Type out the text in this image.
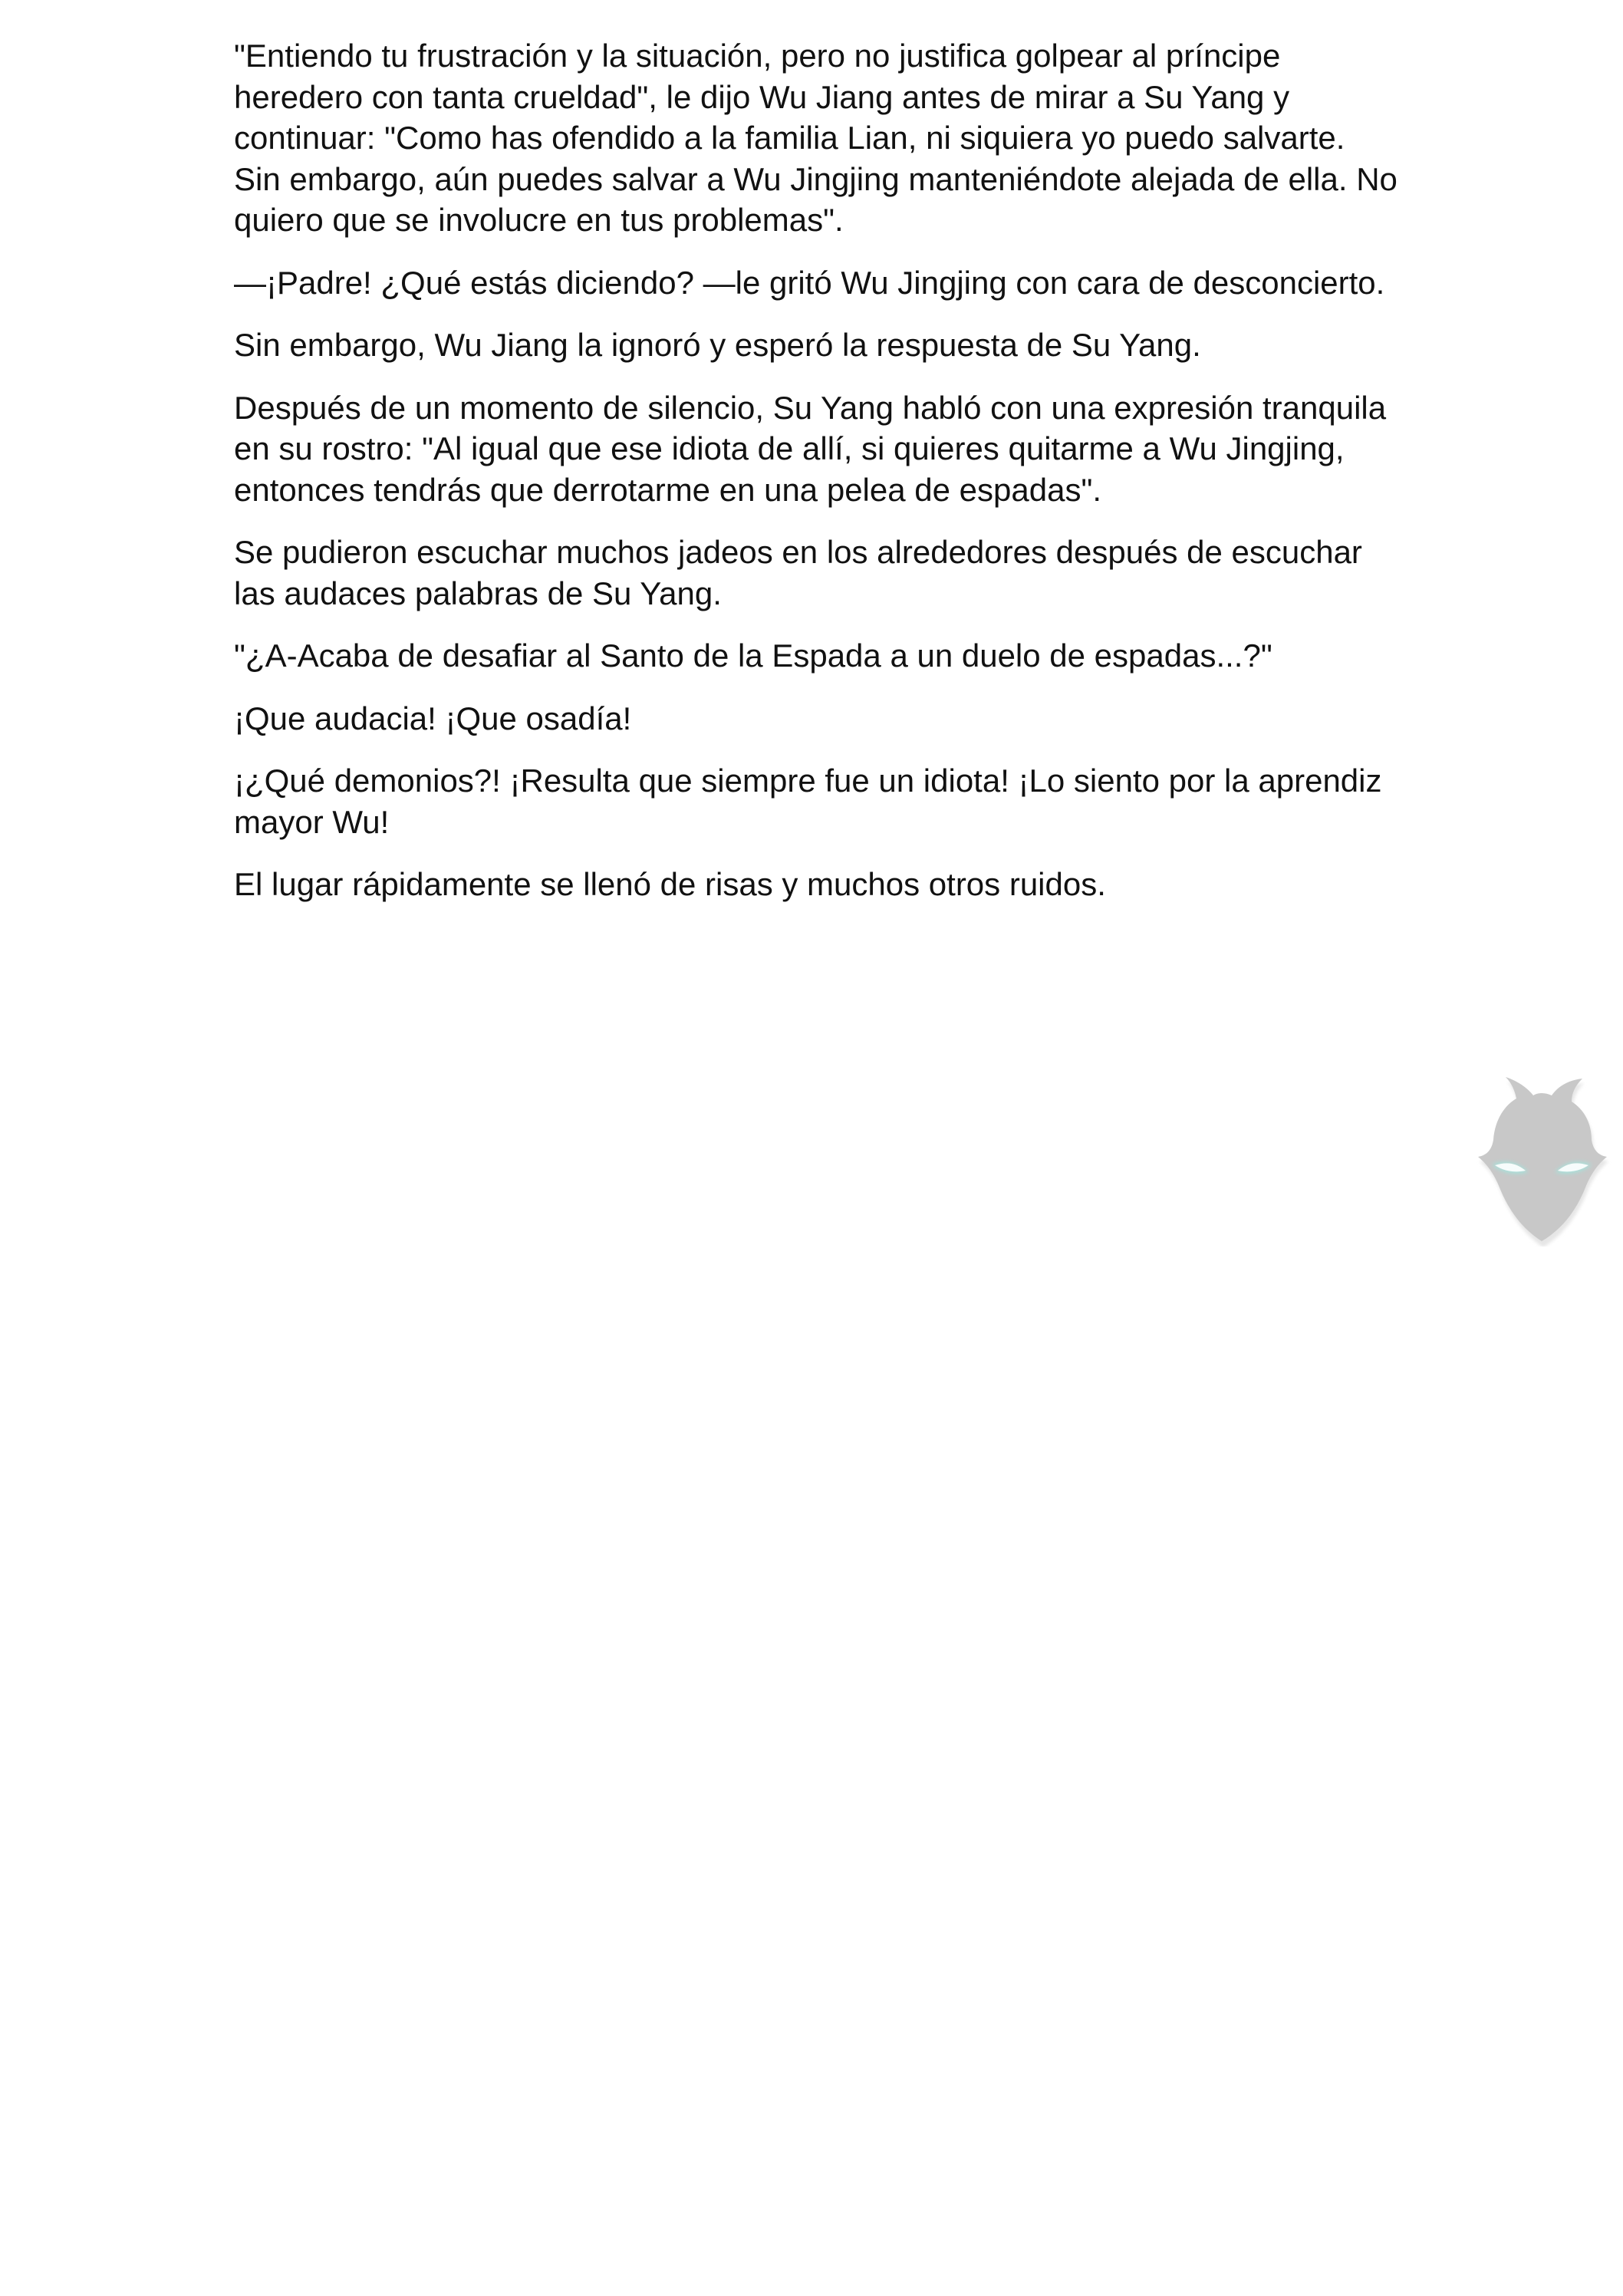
"Entiendo tu frustración y la situación, pero no justifica golpear al príncipe heredero con tanta crueldad", le dijo Wu Jiang antes de mirar a Su Yang y continuar: "Como has ofendido a la familia Lian, ni siquiera yo puedo salvarte. Sin embargo, aún puedes salvar a Wu Jingjing manteniéndote alejada de ella. No quiero que se involucre en tus problemas".

—¡Padre! ¿Qué estás diciendo? —le gritó Wu Jingjing con cara de desconcierto.

Sin embargo, Wu Jiang la ignoró y esperó la respuesta de Su Yang.

Después de un momento de silencio, Su Yang habló con una expresión tranquila en su rostro: "Al igual que ese idiota de allí, si quieres quitarme a Wu Jingjing, entonces tendrás que derrotarme en una pelea de espadas".

Se pudieron escuchar muchos jadeos en los alrededores después de escuchar las audaces palabras de Su Yang.

"¿A-Acaba de desafiar al Santo de la Espada a un duelo de espadas...?"

¡Que audacia! ¡Que osadía!

¡¿Qué demonios?! ¡Resulta que siempre fue un idiota! ¡Lo siento por la aprendiz mayor Wu!

El lugar rápidamente se llenó de risas y muchos otros ruidos.
